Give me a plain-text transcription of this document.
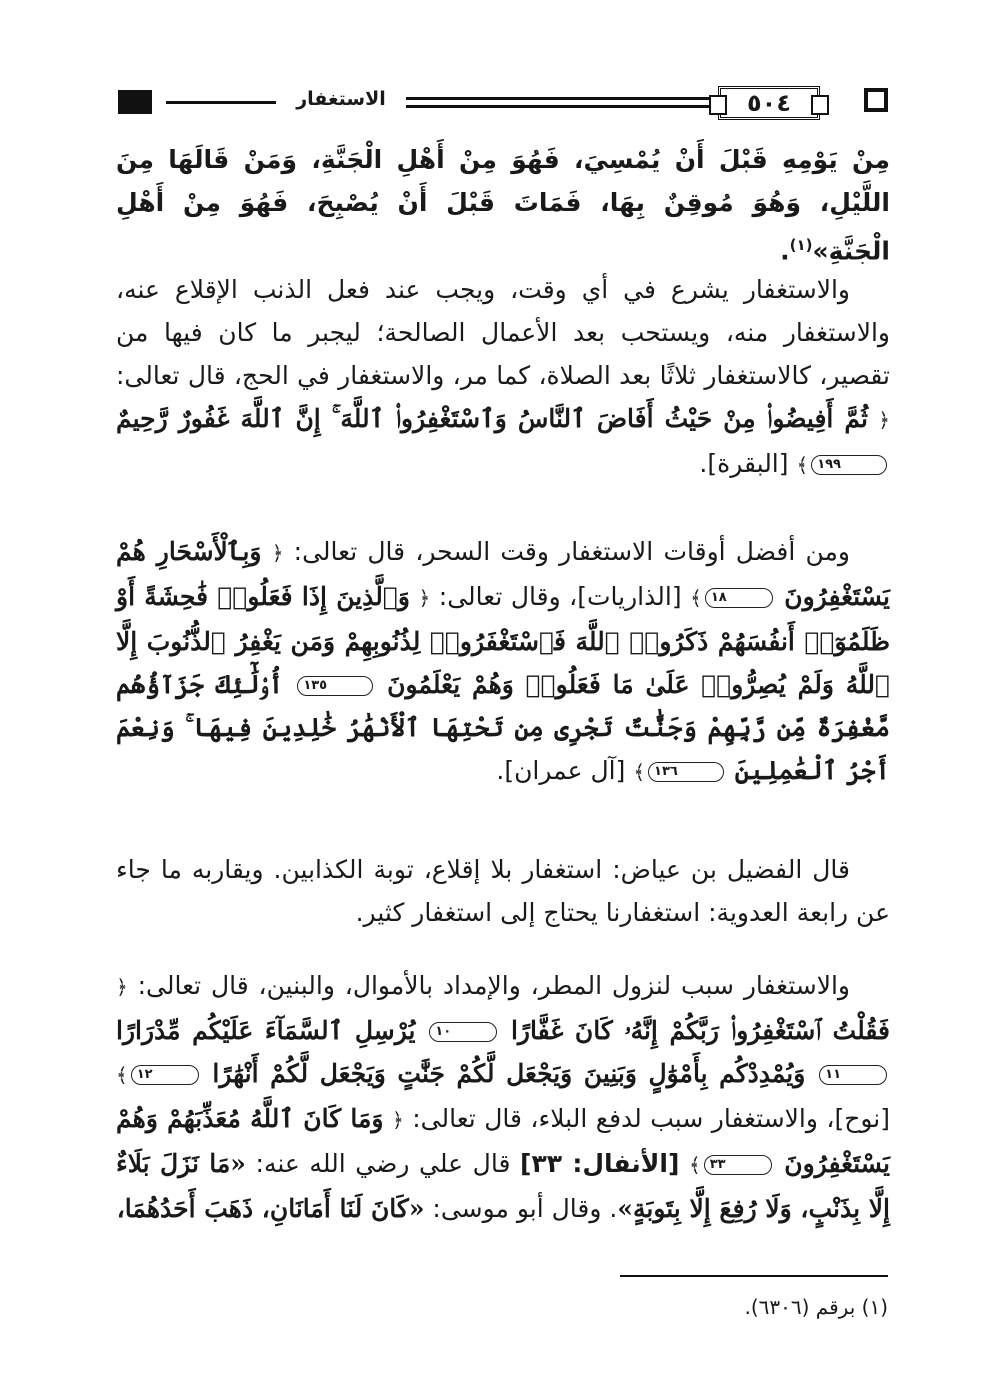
الاستغفار	٥٠٤

مِنْ يَوْمِهِ قَبْلَ أَنْ يُمْسِيَ، فَهُوَ مِنْ أَهْلِ الْجَنَّةِ، وَمَنْ قَالَهَا مِنَ اللَّيْلِ، وَهُوَ مُوقِنٌ بِهَا، فَمَاتَ قَبْلَ أَنْ يُصْبِحَ، فَهُوَ مِنْ أَهْلِ الْجَنَّةِ»$^{(١)}$.

والاستغفار يشرع في أي وقت، ويجب عند فعل الذنب الإقلاع عنه، والاستغفار منه، ويستحب بعد الأعمال الصالحة؛ ليجبر ما كان فيها من تقصير، كالاستغفار ثلاثًا بعد الصلاة، كما مر، والاستغفار في الحج، قال تعالى: ﴿ ثُمَّ أَفِيضُوا۟ مِنْ حَيْثُ أَفَاضَ ٱلنَّاسُ وَٱسْتَغْفِرُوا۟ ٱللَّهَ ۚ إِنَّ ٱللَّهَ غَفُورٌ رَّحِيمٌ ١٩٩﴾ [البقرة].

ومن أفضل أوقات الاستغفار وقت السحر، قال تعالى: ﴿ وَبِٱلْأَسْحَارِ هُمْ يَسْتَغْفِرُونَ ١٨﴾ [الذاريات]، وقال تعالى: ﴿ وَٱلَّذِينَ إِذَا فَعَلُوا۟ فَٰحِشَةً أَوْ ظَلَمُوٓا۟ أَنفُسَهُمْ ذَكَرُوا۟ ٱللَّهَ فَٱسْتَغْفَرُوا۟ لِذُنُوبِهِمْ وَمَن يَغْفِرُ ٱلذُّنُوبَ إِلَّا ٱللَّهُ وَلَمْ يُصِرُّوا۟ عَلَىٰ مَا فَعَلُوا۟ وَهُمْ يَعْلَمُونَ ١٣٥ أُو۟لَٰٓئِكَ جَزَآؤُهُم مَّغْفِرَةٌ مِّن رَّبِّهِمْ وَجَنَّٰتٌ تَجْرِى مِن تَحْتِهَا ٱلْأَنْهَٰرُ خَٰلِدِينَ فِيهَا ۚ وَنِعْمَ أَجْرُ ٱلْعَٰمِلِينَ ١٣٦﴾ [آل عمران].

قال الفضيل بن عياض: استغفار بلا إقلاع، توبة الكذابين. ويقاربه ما جاء عن رابعة العدوية: استغفارنا يحتاج إلى استغفار كثير.

والاستغفار سبب لنزول المطر، والإمداد بالأموال، والبنين، قال تعالى: ﴿ فَقُلْتُ ٱسْتَغْفِرُوا۟ رَبَّكُمْ إِنَّهُۥ كَانَ غَفَّارًا ١٠ يُرْسِلِ ٱلسَّمَآءَ عَلَيْكُم مِّدْرَارًا ١١ وَيُمْدِدْكُم بِأَمْوَٰلٍ وَبَنِينَ وَيَجْعَل لَّكُمْ جَنَّٰتٍ وَيَجْعَل لَّكُمْ أَنْهَٰرًا ١٢﴾ [نوح]، والاستغفار سبب لدفع البلاء، قال تعالى: ﴿ وَمَا كَانَ ٱللَّهُ مُعَذِّبَهُمْ وَهُمْ يَسْتَغْفِرُونَ ٣٣﴾ [الأنفال: ٣٣] قال علي رضي الله عنه: «مَا نَزَلَ بَلَاءٌ إِلَّا بِذَنْبٍ، وَلَا رُفِعَ إِلَّا بِتَوبَةٍ». وقال أبو موسى: «كَانَ لَنَا أَمَانَانِ، ذَهَبَ أَحَدُهُمَا،

(١) برقم (٦٣٠٦).
